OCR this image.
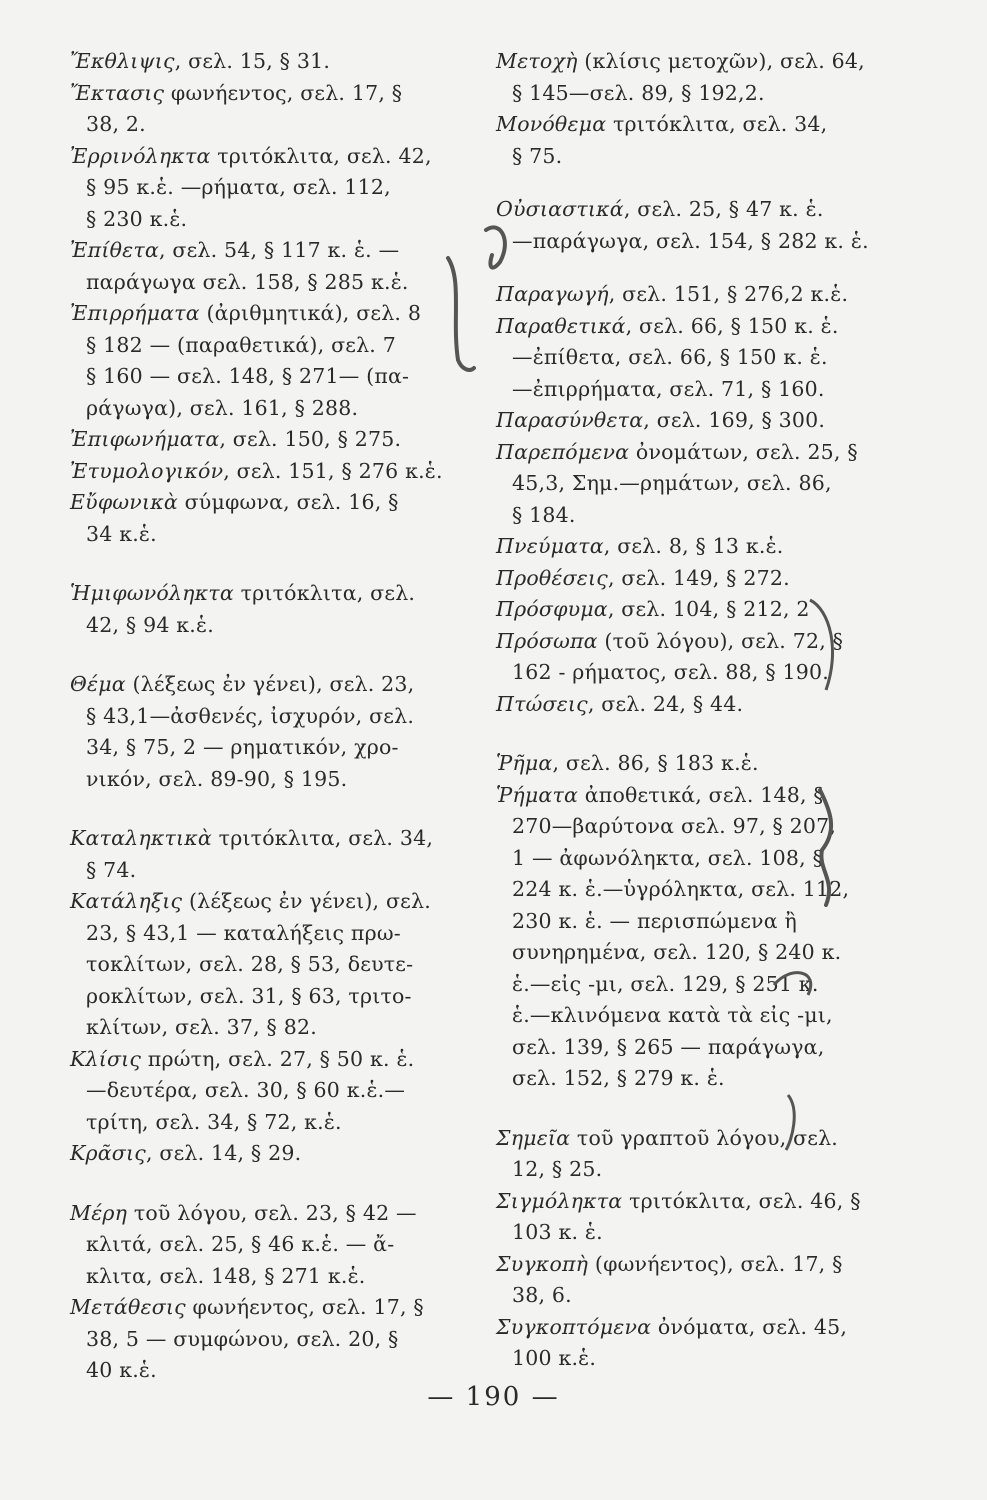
Ἔκθλιψις, σελ. 15, § 31.
Ἔκτασις φωνήεντος, σελ. 17, §
38, 2.
Ἐρρινόληκτα τριτόκλιτα, σελ. 42,
§ 95 κ.ἑ. —ρήματα, σελ. 112,
§ 230 κ.ἑ.
Ἐπίθετα, σελ. 54, § 117 κ. ἑ. —
παράγωγα σελ. 158, § 285 κ.ἑ.
Ἐπιρρήματα (ἀριθμητικά), σελ. 8
§ 182 — (παραθετικά), σελ. 7
§ 160 — σελ. 148, § 271— (πα-
ράγωγα), σελ. 161, § 288.
Ἐπιφωνήματα, σελ. 150, § 275.
Ἐτυμολογικόν, σελ. 151, § 276 κ.ἑ.
Εὔφωνικὰ σύμφωνα, σελ. 16, §
34 κ.ἑ.
Ἡμιφωνόληκτα τριτόκλιτα, σελ.
42, § 94 κ.ἑ.
Θέμα (λέξεως ἐν γένει), σελ. 23,
§ 43,1—ἀσθενές, ἰσχυρόν, σελ.
34, § 75, 2 — ρηματικόν, χρο-
νικόν, σελ. 89-90, § 195.
Καταληκτικὰ τριτόκλιτα, σελ. 34,
§ 74.
Κατάληξις (λέξεως ἐν γένει), σελ.
23, § 43,1 — καταλήξεις πρω-
τοκλίτων, σελ. 28, § 53, δευτε-
ροκλίτων, σελ. 31, § 63, τριτο-
κλίτων, σελ. 37, § 82.
Κλίσις πρώτη, σελ. 27, § 50 κ. ἑ.
—δευτέρα, σελ. 30, § 60 κ.ἑ.—
τρίτη, σελ. 34, § 72, κ.ἑ.
Κρᾶσις, σελ. 14, § 29.
Μέρη τοῦ λόγου, σελ. 23, § 42 —
κλιτά, σελ. 25, § 46 κ.ἑ. — ἄ-
κλιτα, σελ. 148, § 271 κ.ἑ.
Μετάθεσις φωνήεντος, σελ. 17, §
38, 5 — συμφώνου, σελ. 20, §
40 κ.ἑ.
Μετοχὴ (κλίσις μετοχῶν), σελ. 64,
§ 145—σελ. 89, § 192,2.
Μονόθεμα τριτόκλιτα, σελ. 34,
§ 75.
Οὐσιαστικά, σελ. 25, § 47 κ. ἑ.
—παράγωγα, σελ. 154, § 282 κ. ἑ.
Παραγωγή, σελ. 151, § 276,2 κ.ἑ.
Παραθετικά, σελ. 66, § 150 κ. ἑ.
—ἐπίθετα, σελ. 66, § 150 κ. ἑ.
—ἐπιρρήματα, σελ. 71, § 160.
Παρασύνθετα, σελ. 169, § 300.
Παρεπόμενα ὀνομάτων, σελ. 25, §
45,3, Σημ.—ρημάτων, σελ. 86,
§ 184.
Πνεύματα, σελ. 8, § 13 κ.ἑ.
Προθέσεις, σελ. 149, § 272.
Πρόσφυμα, σελ. 104, § 212, 2
Πρόσωπα (τοῦ λόγου), σελ. 72, §
162 - ρήματος, σελ. 88, § 190.
Πτώσεις, σελ. 24, § 44.
Ῥῆμα, σελ. 86, § 183 κ.ἑ.
Ῥήματα ἀποθετικά, σελ. 148, §
270—βαρύτονα σελ. 97, § 207,
1 — ἀφωνόληκτα, σελ. 108, §
224 κ. ἑ.—ὑγρόληκτα, σελ. 112,
230 κ. ἑ. — περισπώμενα ἢ
συνηρημένα, σελ. 120, § 240 κ.
ἑ.—εἰς -μι, σελ. 129, § 251 κ.
ἑ.—κλινόμενα κατὰ τὰ εἰς -μι,
σελ. 139, § 265 — παράγωγα,
σελ. 152, § 279 κ. ἑ.
Σημεῖα τοῦ γραπτοῦ λόγου, σελ.
12, § 25.
Σιγμόληκτα τριτόκλιτα, σελ. 46, §
103 κ. ἑ.
Συγκοπὴ (φωνήεντος), σελ. 17, §
38, 6.
Συγκοπτόμενα ὀνόματα, σελ. 45,
100 κ.ἑ.
— 190 —
